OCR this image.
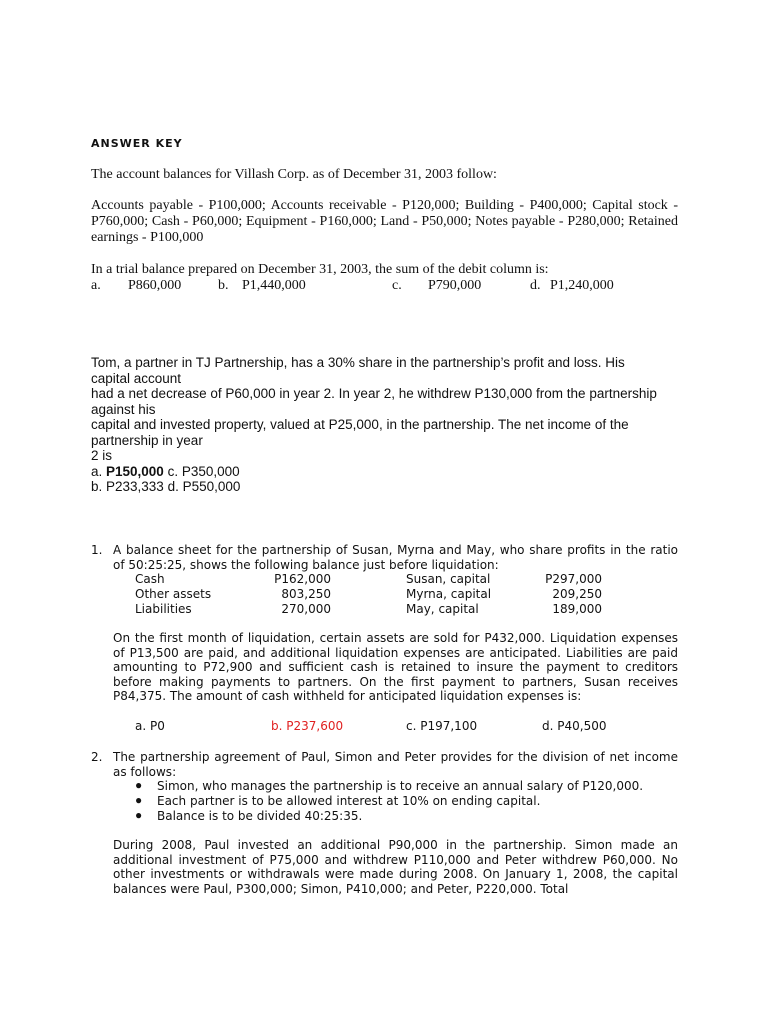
ANSWER KEY
The account balances for Villash Corp. as of December 31, 2003 follow:
Accounts payable - P100,000; Accounts receivable - P120,000; Building - P400,000; Capital stock - P760,000; Cash - P60,000; Equipment - P160,000; Land - P50,000; Notes payable - P280,000; Retained earnings - P100,000
In a trial balance prepared on December 31, 2003, the sum of the debit column is:
a. P860,000	b. P1,440,000	c. P790,000	d. P1,240,000
Tom, a partner in TJ Partnership, has a 30% share in the partnership’s profit and loss. His
capital account
had a net decrease of P60,000 in year 2. In year 2, he withdrew P130,000 from the partnership
against his
capital and invested property, valued at P25,000, in the partnership. The net income of the
partnership in year
2 is
a. P150,000 c. P350,000
b. P233,333 d. P550,000
1. A balance sheet for the partnership of Susan, Myrna and May, who share profits in the ratio of 50:25:25, shows the following balance just before liquidation:
Cash	P162,000	Susan, capital	P297,000
Other assets	803,250	Myrna, capital	209,250
Liabilities	270,000	May, capital	189,000
On the first month of liquidation, certain assets are sold for P432,000. Liquidation expenses of P13,500 are paid, and additional liquidation expenses are anticipated. Liabilities are paid amounting to P72,900 and sufficient cash is retained to insure the payment to creditors before making payments to partners. On the first payment to partners, Susan receives P84,375. The amount of cash withheld for anticipated liquidation expenses is:
a. P0	b. P237,600	c. P197,100	d. P40,500
2. The partnership agreement of Paul, Simon and Peter provides for the division of net income as follows:
● Simon, who manages the partnership is to receive an annual salary of P120,000.
● Each partner is to be allowed interest at 10% on ending capital.
● Balance is to be divided 40:25:35.
During 2008, Paul invested an additional P90,000 in the partnership. Simon made an additional investment of P75,000 and withdrew P110,000 and Peter withdrew P60,000. No other investments or withdrawals were made during 2008. On January 1, 2008, the capital balances were Paul, P300,000; Simon, P410,000; and Peter, P220,000. Total
